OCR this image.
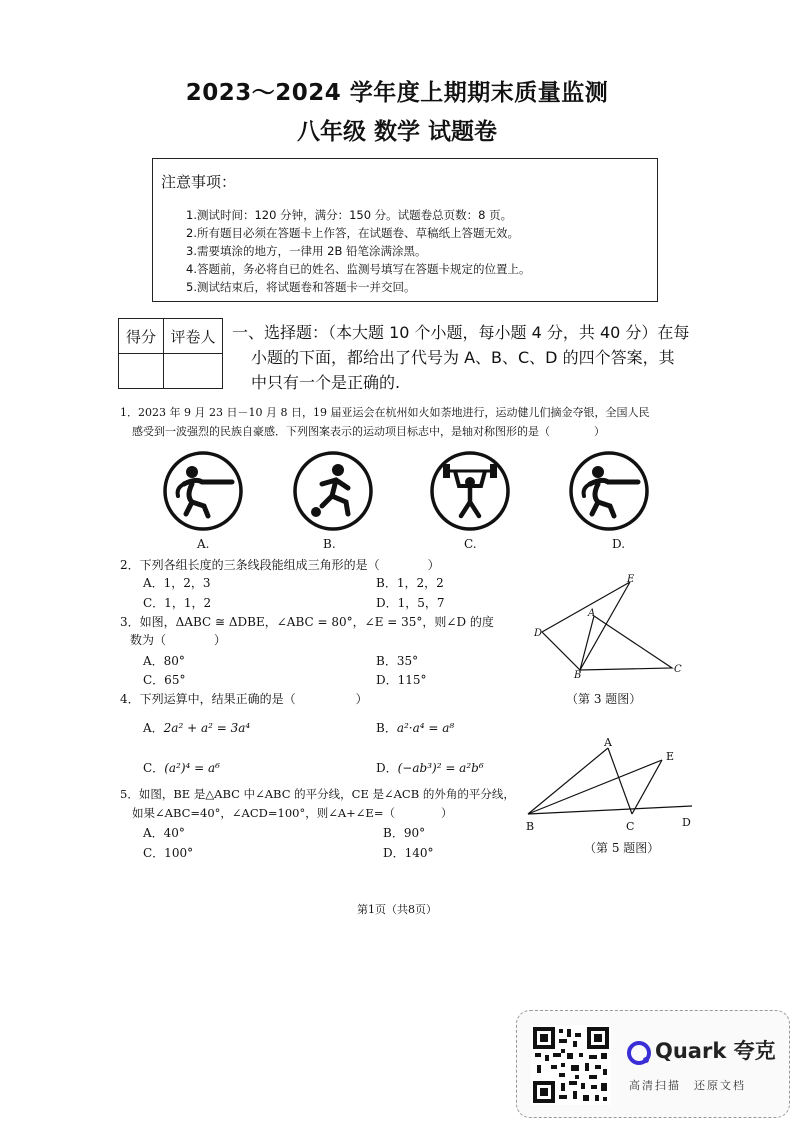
2023～2024 学年度上期期末质量监测
八年级 数学 试题卷
注意事项：
1.测试时间：120 分钟，满分：150 分。试题卷总页数：8 页。
2.所有题目必须在答题卡上作答，在试题卷、草稿纸上答题无效。
3.需要填涂的地方，一律用 2B 铅笔涂满涂黑。
4.答题前，务必将自已的姓名、监测号填写在答题卡规定的位置上。
5.测试结束后，将试题卷和答题卡一并交回。
得分	评卷人
	一、选择题：（本大题 10 个小题，每小题 4 分，共 40 分）在每
小题的下面，都给出了代号为 A、B、C、D 的四个答案，其
中只有一个是正确的.
1．2023 年 9 月 23 日－10 月 8 日，19 届亚运会在杭州如火如荼地进行，运动健儿们摘金夺银，全国人民
感受到一波强烈的民族自豪感．下列图案表示的运动项目标志中，是轴对称图形的是（　　　　）
A.	B.	C.	D.
2．下列各组长度的三条线段能组成三角形的是（　　　　）
A．1，2，3	B．1，2，2
C．1，1，2	D．1，5，7
3．如图，ΔABC ≅ ΔDBE，∠ABC = 80°，∠E = 35°，则∠D 的度
数为（　　　　）
A．80°	B．35°
C．65°	D．115°
E
A
D
B
C
（第 3 题图）
4．下列运算中，结果正确的是（　　　　　）
A．2a² + a² = 3a⁴	B．a²·a⁴ = a⁸
C．(a²)⁴ = a⁶	D．(−ab³)² = a²b⁶
A
E
B	C	D
（第 5 题图）
5．如图，BE 是△ABC 中∠ABC 的平分线，CE 是∠ACB 的外角的平分线，
如果∠ABC=40°，∠ACD=100°，则∠A+∠E=（　　　　）
A．40°	B．90°
C．100°	D．140°
第1页（共8页）
Quark 夸克
高清扫描　还原文档
